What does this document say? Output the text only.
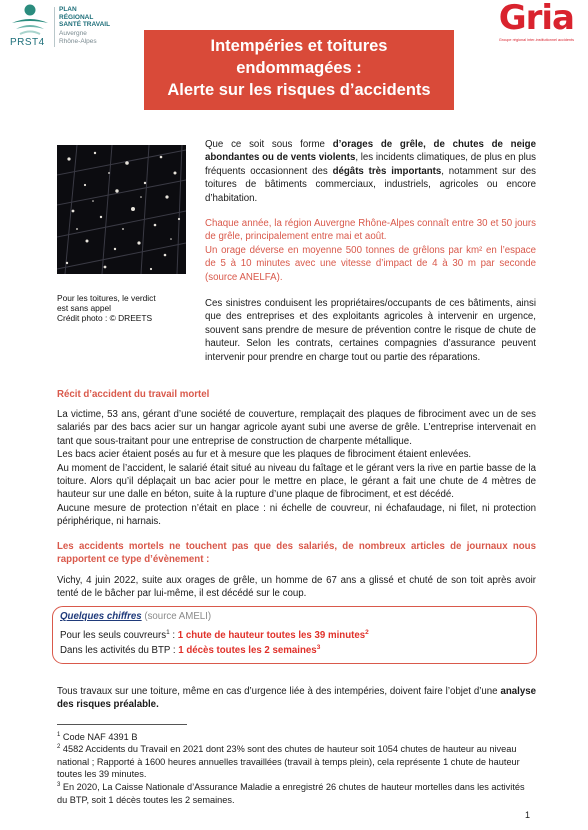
PRST4
PLAN
RÉGIONAL
SANTÉ TRAVAIL
Auvergne
Rhône-Alpes
Gria
Groupe régional inter-institutionnel accidents
Intempéries et toitures
endommagées :
Alerte sur les risques d’accidents
Pour les toitures, le verdict
est sans appel
Crédit photo : © DREETS
Que ce soit sous forme d’orages de grêle, de chutes de neige abondantes ou de vents violents, les incidents climatiques, de plus en plus fréquents occasionnent des dégâts très importants, notamment sur des toitures de bâtiments commerciaux, industriels, agricoles ou encore d’habitation.
Chaque année, la région Auvergne Rhône-Alpes connaît entre 30 et 50 jours de grêle, principalement entre mai et août.
Un orage déverse en moyenne 500 tonnes de grêlons par km² en l’espace de 5 à 10 minutes avec une vitesse d’impact de 4 à 30 m par seconde (source ANELFA).
Ces sinistres conduisent les propriétaires/occupants de ces bâtiments, ainsi que des entreprises et des exploitants agricoles à intervenir en urgence, souvent sans prendre de mesure de prévention contre le risque de chute de hauteur. Selon les contrats, certaines compagnies d’assurance peuvent intervenir pour prendre en charge tout ou partie des réparations.
Récit d’accident du travail mortel
La victime, 53 ans, gérant d’une société de couverture, remplaçait des plaques de fibrociment avec un de ses salariés par des bacs acier sur un hangar agricole ayant subi une averse de grêle. L’entreprise intervenait en tant que sous-traitant pour une entreprise de construction de charpente métallique.
Les bacs acier étaient posés au fur et à mesure que les plaques de fibrociment étaient enlevées.
Au moment de l’accident, le salarié était situé au niveau du faîtage et le gérant vers la rive en partie basse de la toiture. Alors qu’il déplaçait un bac acier pour le mettre en place, le gérant a fait une chute de 4 mètres de hauteur sur une dalle en béton, suite à la rupture d’une plaque de fibrociment, et est décédé.
Aucune mesure de protection n’était en place : ni échelle de couvreur, ni échafaudage, ni filet, ni protection périphérique, ni harnais.
Les accidents mortels ne touchent pas que des salariés, de nombreux articles de journaux nous rapportent ce type d’évènement :
Vichy, 4 juin 2022, suite aux orages de grêle, un homme de 67 ans a glissé et chuté de son toit après avoir tenté de le bâcher par lui-même, il est décédé sur le coup.
Quelques chiffres (source AMELI)
Pour les seuls couvreurs$^1$ : 1 chute de hauteur toutes les 39 minutes$^2$
Dans les activités du BTP : 1 décès toutes les 2 semaines$^3$
Tous travaux sur une toiture, même en cas d’urgence liée à des intempéries, doivent faire l’objet d’une analyse des risques préalable.
$^1$ Code NAF 4391 B
$^2$ 4582 Accidents du Travail en 2021 dont 23% sont des chutes de hauteur soit 1054 chutes de hauteur au niveau national ; Rapporté à 1600 heures annuelles travaillées (travail à temps plein), cela représente 1 chute de hauteur toutes les 39 minutes.
$^3$ En 2020, La Caisse Nationale d’Assurance Maladie a enregistré 26 chutes de hauteur mortelles dans les activités du BTP, soit 1 décès toutes les 2 semaines.
1
